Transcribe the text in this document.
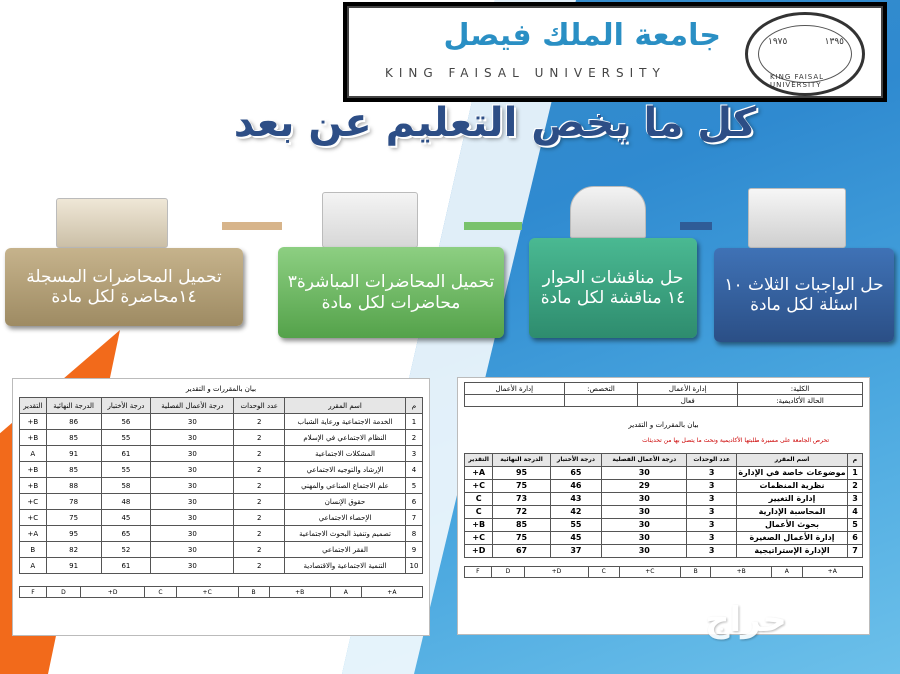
جامعة الملك فيصل
KING FAISAL UNIVERSITY
١٩٧٥	١٣٩٥
KING FAISAL UNIVERSITY
كل ما يخص التعليم عن بعد
تحميل المحاضرات المسجلة ١٤محاضرة لكل مادة
تحميل المحاضرات المباشرة٣ محاضرات لكل مادة
حل مناقشات الحوار ١٤ مناقشة لكل مادة
حل الواجبات الثلاث ١٠ اسئلة لكل مادة
بيان بالمقررات و التقدير
م	اسم المقرر	عدد الوحدات	درجة الأعمال الفصلية	درجة الأختبار	الدرجة النهائية	التقدير
1	الخدمة الاجتماعية ورعاية الشباب	2	30	56	86	B+
2	النظام الاجتماعي في الإسلام	2	30	55	85	B+
3	المشكلات الاجتماعية	2	30	61	91	A
4	الإرشاد والتوجيه الاجتماعي	2	30	55	85	B+
5	علم الاجتماع الصناعي والمهني	2	30	58	88	B+
6	حقوق الإنسان	2	30	48	78	C+
7	الإحصاء الاجتماعي	2	30	45	75	C+
8	تصميم وتنفيذ البحوث الاجتماعية	2	30	65	95	A+
9	الفقر الاجتماعي	2	30	52	82	B
10	التنمية الاجتماعية والاقتصادية	2	30	61	91	A
A+	A	B+	B	C+	C	D+	D	F
الكلية:	إدارة الأعمال	التخصص:	إدارة الأعمال
الحالة الأكاديمية:	فعال		
بيان بالمقررات و التقدير
تحرص الجامعة على مسيرة طلبتها الأكاديمية ونحث ما يتصل بها من تحديثات
م	اسم المقرر	عدد الوحدات	درجة الأعمال الفصلية	درجة الأختبار	الدرجة النهائية	التقدير
1	موضوعات خاصة في الإدارة	3	30	65	95	A+
2	نظرية المنظمات	3	29	46	75	C+
3	إدارة التغيير	3	30	43	73	C
4	المحاسبة الإدارية	3	30	42	72	C
5	بحوث الأعمال	3	30	55	85	B+
6	إدارة الأعمال الصغيرة	3	30	45	75	C+
7	الإدارة الإستراتيجية	3	30	37	67	D+
A+	A	B+	B	C+	C	D+	D	F
حراج
